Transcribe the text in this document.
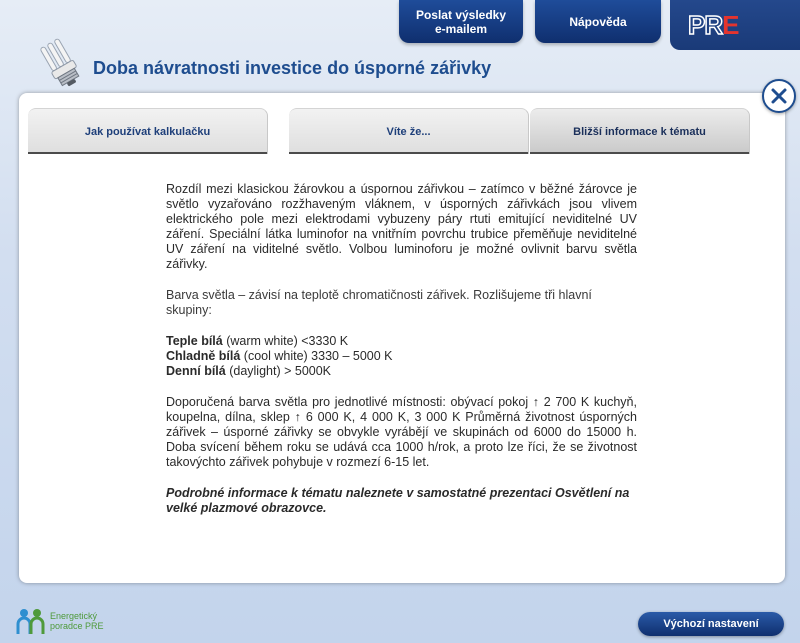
Poslat výsledky
e-mailem	Nápověda PRE
Doba návratnosti investice do úsporné zářivky
Jak používat kalkulačku	Víte že...	Bližší informace k tématu

Rozdíl mezi klasickou žárovkou a úspornou zářivkou – zatímco v běžné žárovce je světlo vyzařováno rozžhaveným vláknem, v úsporných zářivkách jsou vlivem elektrického pole mezi elektrodami vybuzeny páry rtuti emitující neviditelné UV záření. Speciální látka luminofor na vnitřním povrchu trubice přeměňuje neviditelné UV záření na viditelné světlo. Volbou luminoforu je možné ovlivnit barvu světla zářivky.

Barva světla – závisí na teplotě chromatičnosti zářivek. Rozlišujeme tři hlavní skupiny:

Teple bílá (warm white) <3330 K
Chladně bílá (cool white) 3330 – 5000 K
Denní bílá (daylight) > 5000K

Doporučená barva světla pro jednotlivé místnosti: obývací pokoj ↑ 2 700 K kuchyň, koupelna, dílna, sklep ↑ 6 000 K, 4 000 K, 3 000 K Průměrná životnost úsporných zářivek – úsporné zářivky se obvykle vyrábějí ve skupinách od 6000 do 15000 h. Doba svícení během roku se udává cca 1000 h/rok, a proto lze říci, že se životnost takovýchto zářivek pohybuje v rozmezí 6-15 let.

Podrobné informace k tématu naleznete v samostatné prezentaci Osvětlení na velké plazmové obrazovce.

Energetický
poradce PRE	Výchozí nastavení
